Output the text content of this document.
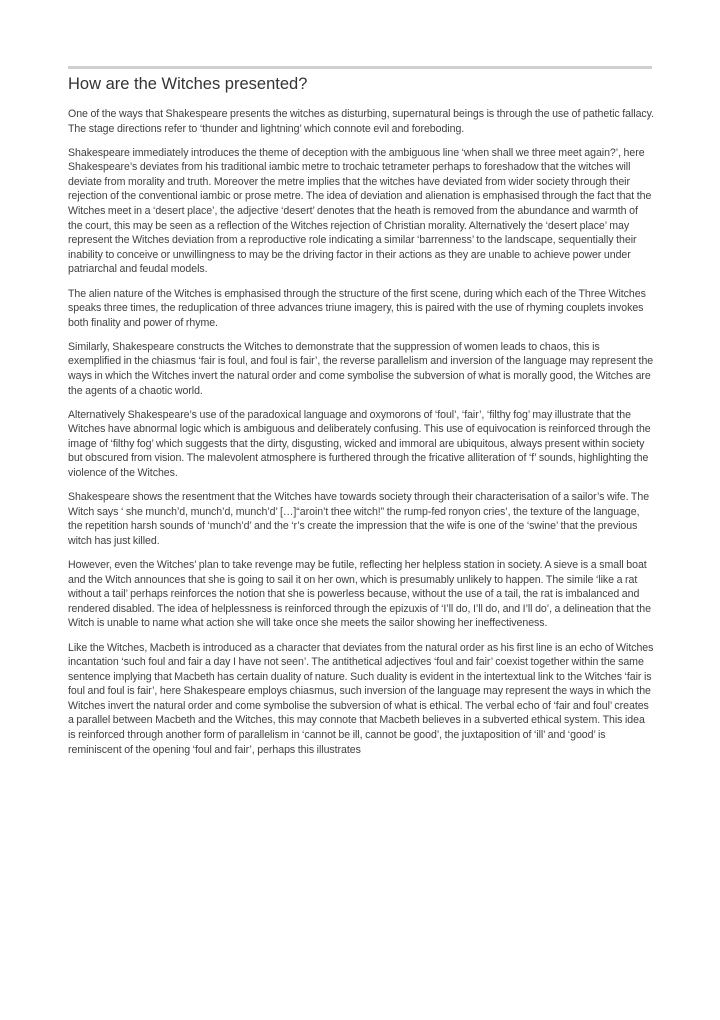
How are the Witches presented?

One of the ways that Shakespeare presents the witches as disturbing, supernatural beings is through the use of pathetic fallacy. The stage directions refer to ‘thunder and lightning’ which connote evil and foreboding.

Shakespeare immediately introduces the theme of deception with the ambiguous line ‘when shall we three meet again?’, here Shakespeare’s deviates from his traditional iambic metre to trochaic tetrameter perhaps to foreshadow that the witches will deviate from morality and truth. Moreover the metre implies that the witches have deviated from wider society through their rejection of the conventional iambic or prose metre. The idea of deviation and alienation is emphasised through the fact that the Witches meet in a ‘desert place’, the adjective ‘desert’ denotes that the heath is removed from the abundance and warmth of the court, this may be seen as a reflection of the Witches rejection of Christian morality. Alternatively the ‘desert place’ may represent the Witches deviation from a reproductive role indicating a similar ‘barrenness’ to the landscape, sequentially their inability to conceive or unwillingness to may be the driving factor in their actions as they are unable to achieve power under patriarchal and feudal models.

The alien nature of the Witches is emphasised through the structure of the first scene, during which each of the Three Witches speaks three times, the reduplication of three advances triune imagery, this is paired with the use of rhyming couplets invokes both finality and power of rhyme.

Similarly, Shakespeare constructs the Witches to demonstrate that the suppression of women leads to chaos, this is exemplified in the chiasmus ‘fair is foul, and foul is fair’, the reverse parallelism and inversion of the language may represent the ways in which the Witches invert the natural order and come symbolise the subversion of what is morally good, the Witches are the agents of a chaotic world.

Alternatively Shakespeare’s use of the paradoxical language and oxymorons of ‘foul’, ‘fair’, ‘filthy fog’ may illustrate that the Witches have abnormal logic which is ambiguous and deliberately confusing. This use of equivocation is reinforced through the image of ‘filthy fog’ which suggests that the dirty, disgusting, wicked and immoral are ubiquitous, always present within society but obscured from vision. The malevolent atmosphere is furthered through the fricative alliteration of ‘f’ sounds, highlighting the violence of the Witches.

Shakespeare shows the resentment that the Witches have towards society through their characterisation of a sailor’s wife. The Witch says ‘ she munch’d, munch’d, munch’d’ […]“aroin’t thee witch!” the rump-fed ronyon cries’, the texture of the language, the repetition harsh sounds of ‘munch’d’ and the ‘r’s create the impression that the wife is one of the ‘swine’ that the previous witch has just killed.

However, even the Witches’ plan to take revenge may be futile, reflecting her helpless station in society. A sieve is a small boat and the Witch announces that she is going to sail it on her own, which is presumably unlikely to happen. The simile ‘like a rat without a tail’ perhaps reinforces the notion that she is powerless because, without the use of a tail, the rat is imbalanced and rendered disabled. The idea of helplessness is reinforced through the epizuxis of ‘I’ll do, I’ll do, and I’ll do’, a delineation that the Witch is unable to name what action she will take once she meets the sailor showing her ineffectiveness.

Like the Witches, Macbeth is introduced as a character that deviates from the natural order as his first line is an echo of Witches incantation ‘such foul and fair a day I have not seen’. The antithetical adjectives ‘foul and fair’ coexist together within the same sentence implying that Macbeth has certain duality of nature. Such duality is evident in the intertextual link to the Witches ‘fair is foul and foul is fair’, here Shakespeare employs chiasmus, such inversion of the language may represent the ways in which the Witches invert the natural order and come symbolise the subversion of what is ethical. The verbal echo of ‘fair and foul’ creates a parallel between Macbeth and the Witches, this may connote that Macbeth believes in a subverted ethical system. This idea is reinforced through another form of parallelism in ‘cannot be ill, cannot be good’, the juxtaposition of ‘ill’ and ‘good’ is reminiscent of the opening ‘foul and fair’, perhaps this illustrates
